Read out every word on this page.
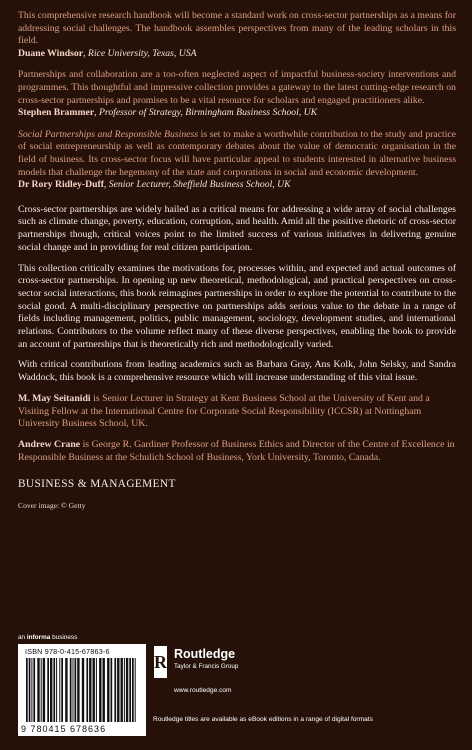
This comprehensive research handbook will become a standard work on cross-sector partnerships as a means for addressing social challenges. The handbook assembles perspectives from many of the leading scholars in this field.

Duane Windsor, Rice University, Texas, USA

Partnerships and collaboration are a too-often neglected aspect of impactful business-society interventions and programmes. This thoughtful and impressive collection provides a gateway to the latest cutting-edge research on cross-sector partnerships and promises to be a vital resource for scholars and engaged practitioners alike.

Stephen Brammer, Professor of Strategy, Birmingham Business School, UK

Social Partnerships and Responsible Business is set to make a worthwhile contribution to the study and practice of social entrepreneurship as well as contemporary debates about the value of democratic organisation in the field of business. Its cross-sector focus will have particular appeal to students interested in alternative business models that challenge the hegemony of the state and corporations in social and economic development.

Dr Rory Ridley-Duff, Senior Lecturer, Sheffield Business School, UK

Cross-sector partnerships are widely hailed as a critical means for addressing a wide array of social challenges such as climate change, poverty, education, corruption, and health. Amid all the positive rhetoric of cross-sector partnerships though, critical voices point to the limited success of various initiatives in delivering genuine social change and in providing for real citizen participation.

This collection critically examines the motivations for, processes within, and expected and actual outcomes of cross-sector partnerships. In opening up new theoretical, methodological, and practical perspectives on cross-sector social interactions, this book reimagines partnerships in order to explore the potential to contribute to the social good. A multi-disciplinary perspective on partnerships adds serious value to the debate in a range of fields including management, politics, public management, sociology, development studies, and international relations. Contributors to the volume reflect many of these diverse perspectives, enabling the book to provide an account of partnerships that is theoretically rich and methodologically varied.

With critical contributions from leading academics such as Barbara Gray, Ans Kolk, John Selsky, and Sandra Waddock, this book is a comprehensive resource which will increase understanding of this vital issue.

M. May Seitanidi is Senior Lecturer in Strategy at Kent Business School at the University of Kent and a Visiting Fellow at the International Centre for Corporate Social Responsibility (ICCSR) at Nottingham University Business School, UK.

Andrew Crane is George R. Gardiner Professor of Business Ethics and Director of the Centre of Excellence in Responsible Business at the Schulich School of Business, York University, Toronto, Canada.

BUSINESS & MANAGEMENT

Cover image: © Getty

an informa business
ISBN 978-0-415-67863-6
9 780415 678636
R Routledge
Taylor & Francis Group
www.routledge.com
Routledge titles are available as eBook editions in a range of digital formats
